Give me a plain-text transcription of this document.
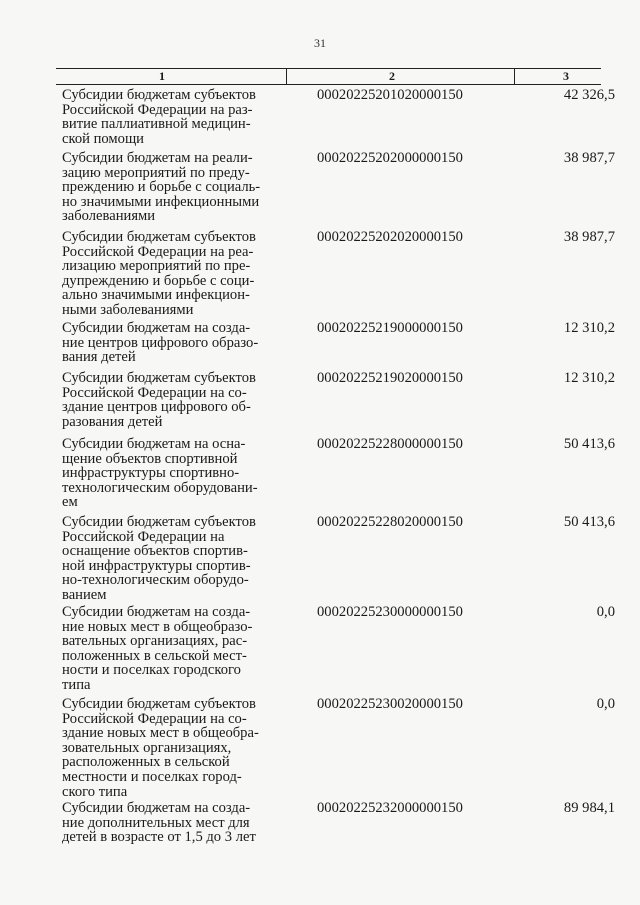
31
1	2	3
Субсидии бюджетам субъектов
Российской Федерации на раз-
витие паллиативной медицин-
ской помощи
00020225201020000150	42 326,5
Субсидии бюджетам на реали-
зацию мероприятий по преду-
преждению и борьбе с социаль-
но значимыми инфекционными
заболеваниями
00020225202000000150	38 987,7
Субсидии бюджетам субъектов
Российской Федерации на реа-
лизацию мероприятий по пре-
дупреждению и борьбе с соци-
ально значимыми инфекцион-
ными заболеваниями
00020225202020000150	38 987,7
Субсидии бюджетам на созда-
ние центров цифрового образо-
вания детей
00020225219000000150	12 310,2
Субсидии бюджетам субъектов
Российской Федерации на со-
здание центров цифрового об-
разования детей
00020225219020000150	12 310,2
Субсидии бюджетам на осна-
щение объектов спортивной
инфраструктуры спортивно-
технологическим оборудовани-
ем
00020225228000000150	50 413,6
Субсидии бюджетам субъектов
Российской Федерации на
оснащение объектов спортив-
ной инфраструктуры спортив-
но-технологическим оборудо-
ванием
00020225228020000150	50 413,6
Субсидии бюджетам на созда-
ние новых мест в общеобразо-
вательных организациях, рас-
положенных в сельской мест-
ности и поселках городского
типа
00020225230000000150	0,0
Субсидии бюджетам субъектов
Российской Федерации на со-
здание новых мест в общеобра-
зовательных организациях,
расположенных в сельской
местности и поселках город-
ского типа
00020225230020000150	0,0
Субсидии бюджетам на созда-
ние дополнительных мест для
детей в возрасте от 1,5 до 3 лет
00020225232000000150	89 984,1
